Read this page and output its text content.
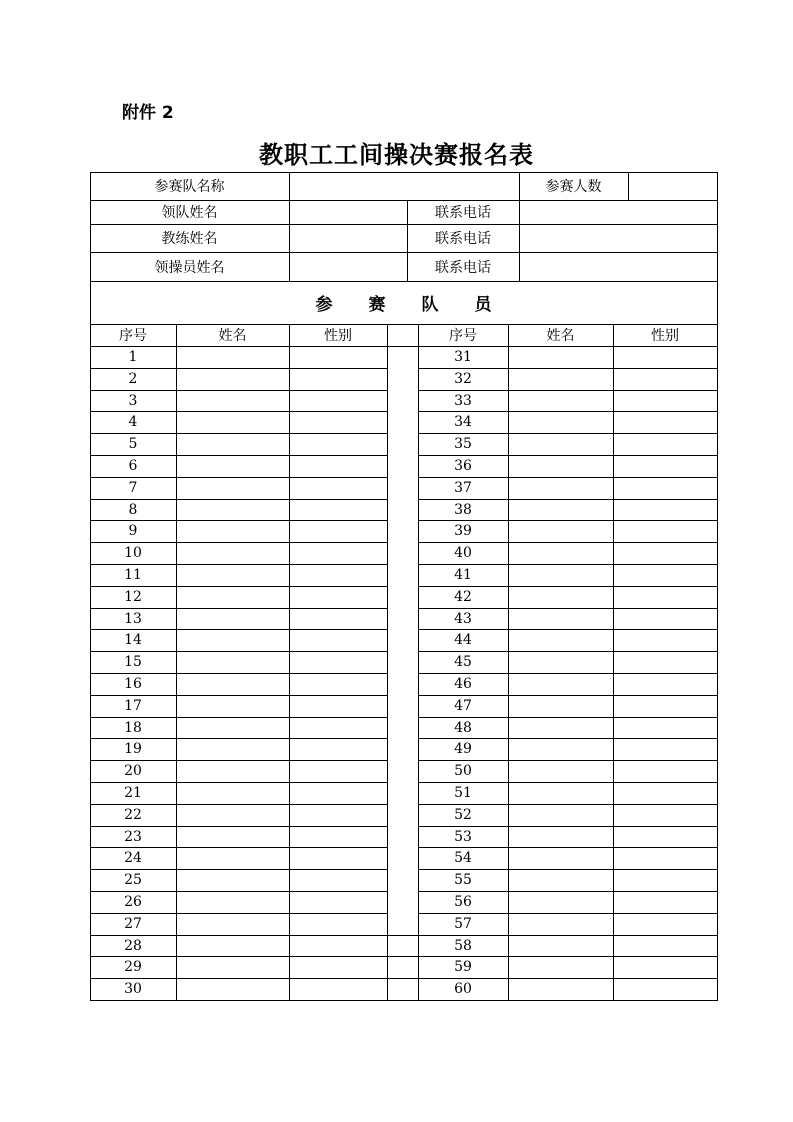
附件 2
教职工工间操决赛报名表
参赛队名称	参赛人数
领队姓名	联系电话
教练姓名	联系电话
领操员姓名	联系电话
参 赛 队 员
序号	姓名	性别	序号	姓名	性别
1	31
2	32
3	33
4	34
5	35
6	36
7	37
8	38
9	39
10	40
11	41
12	42
13	43
14	44
15	45
16	46
17	47
18	48
19	49
20	50
21	51
22	52
23	53
24	54
25	55
26	56
27	57
28	58
29	59
30	60
